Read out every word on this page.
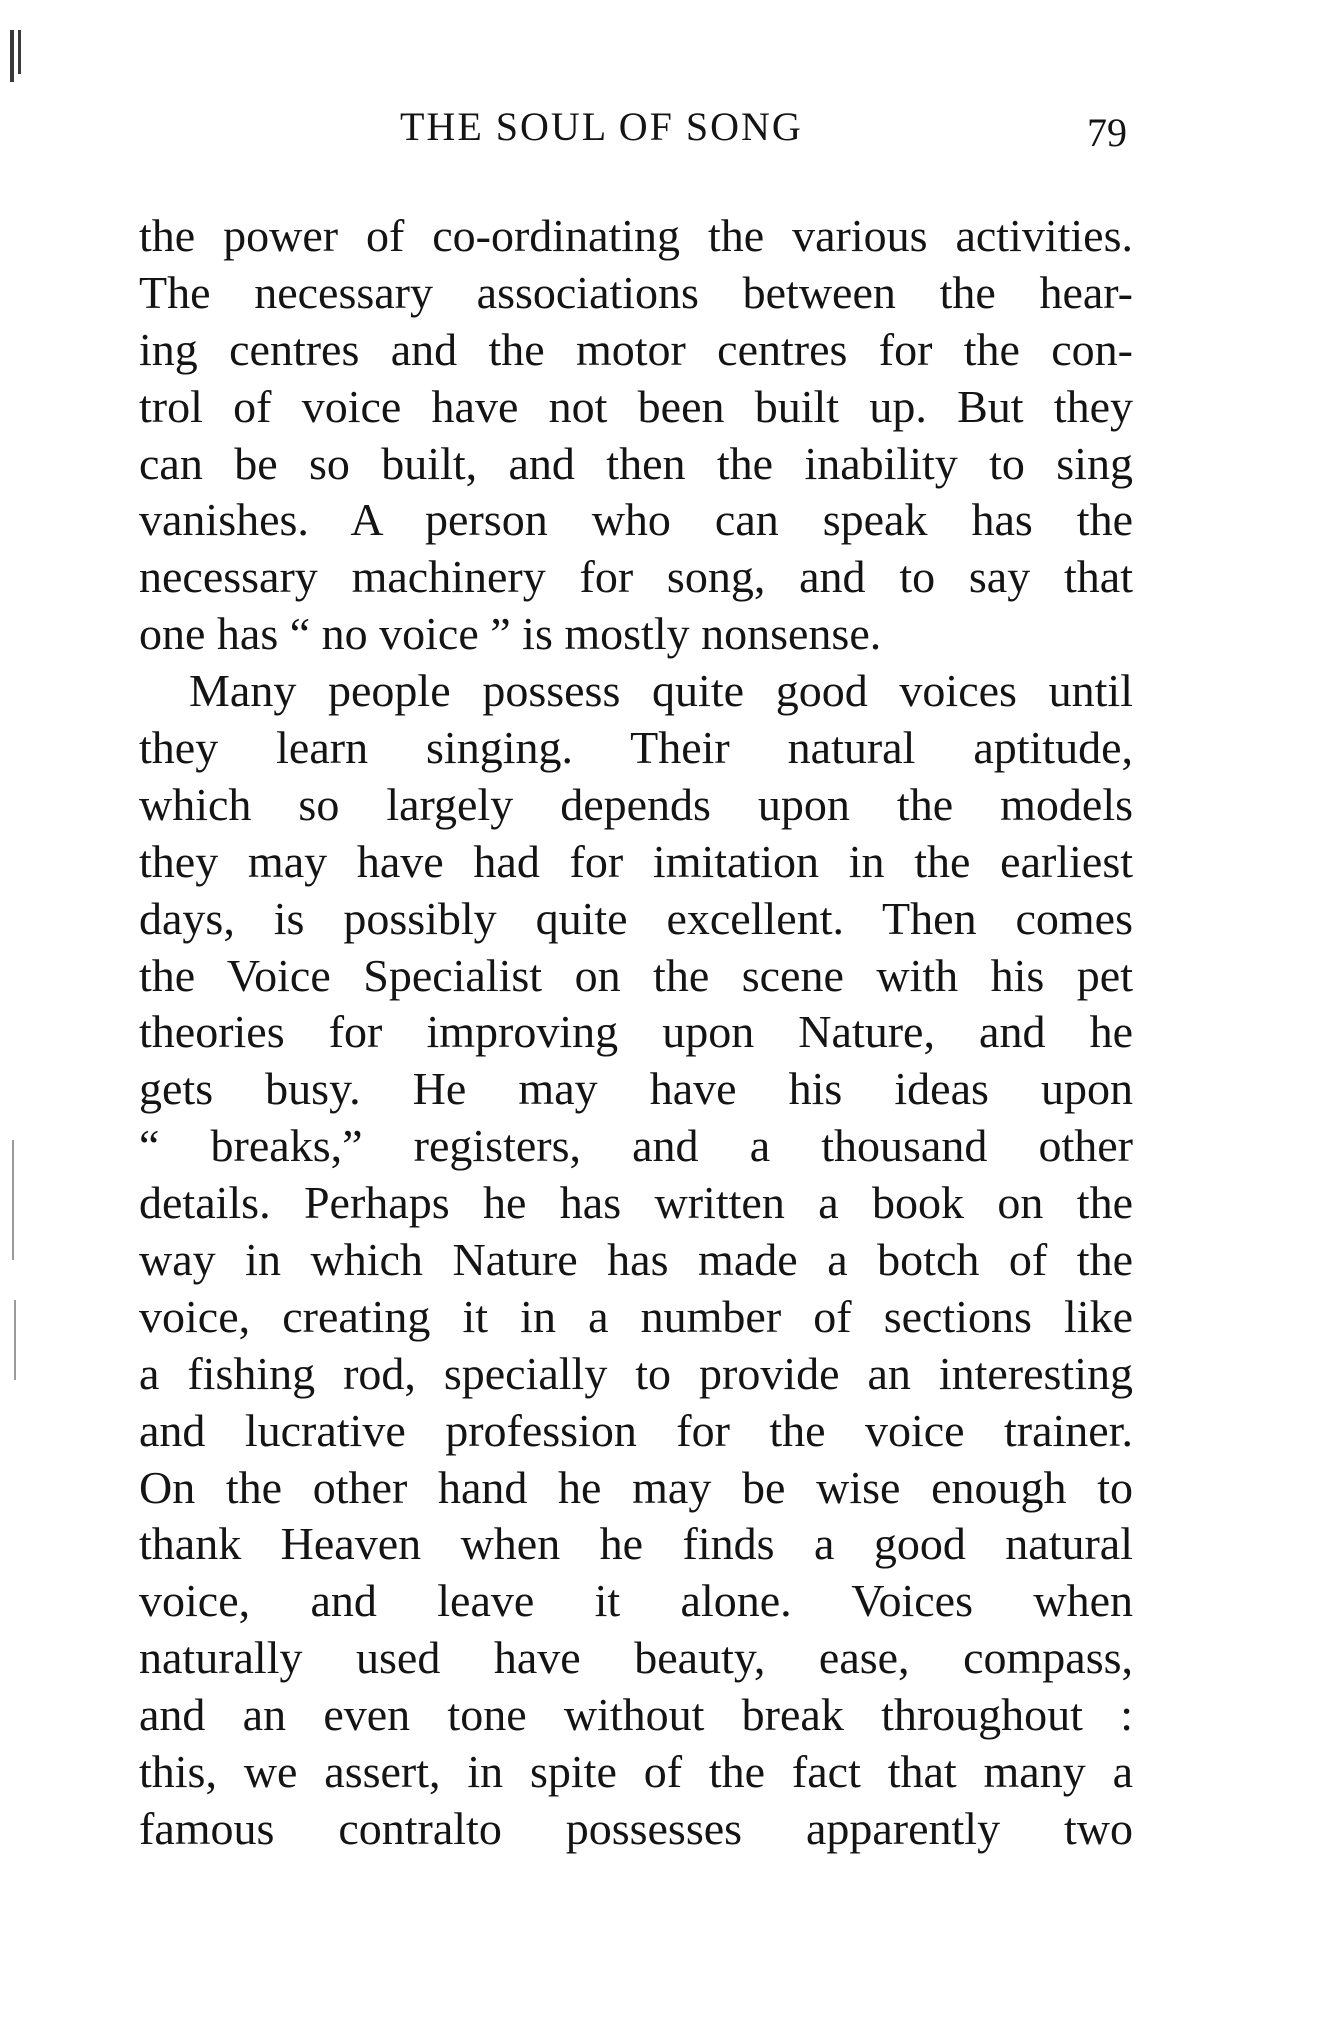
THE SOUL OF SONG	79
the power of co-ordinating the various activities.
The necessary associations between the hear-
ing centres and the motor centres for the con-
trol of voice have not been built up. But they
can be so built, and then the inability to sing
vanishes. A person who can speak has the
necessary machinery for song, and to say that
one has “ no voice ” is mostly nonsense.
Many people possess quite good voices until
they learn singing. Their natural aptitude,
which so largely depends upon the models
they may have had for imitation in the earliest
days, is possibly quite excellent. Then comes
the Voice Specialist on the scene with his pet
theories for improving upon Nature, and he
gets busy. He may have his ideas upon
“ breaks,” registers, and a thousand other
details. Perhaps he has written a book on the
way in which Nature has made a botch of the
voice, creating it in a number of sections like
a fishing rod, specially to provide an interesting
and lucrative profession for the voice trainer.
On the other hand he may be wise enough to
thank Heaven when he finds a good natural
voice, and leave it alone. Voices when
naturally used have beauty, ease, compass,
and an even tone without break throughout :
this, we assert, in spite of the fact that many a
famous contralto possesses apparently two
